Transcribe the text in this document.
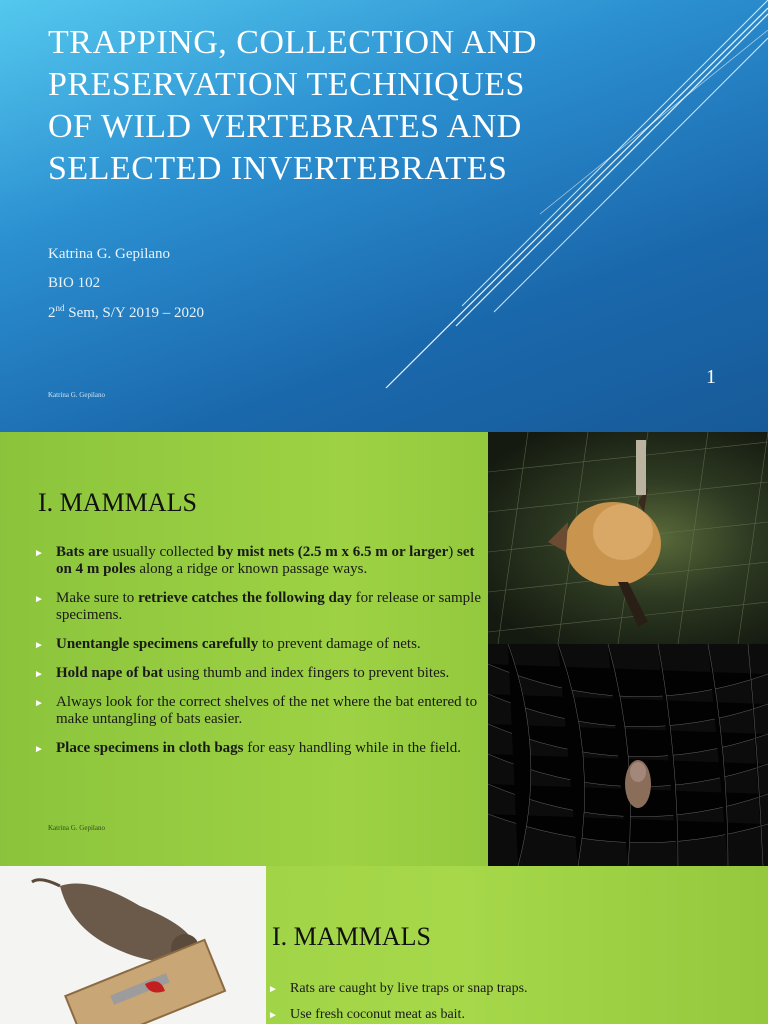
TRAPPING, COLLECTION AND PRESERVATION TECHNIQUES OF WILD VERTEBRATES AND SELECTED INVERTEBRATES

Katrina G. Gepilano

BIO 102

2nd Sem, S/Y 2019 – 2020

1
Katrina G. Gepilano
I. MAMMALS
► Bats are usually collected by mist nets (2.5 m x 6.5 m or larger) set on 4 m poles along a ridge or known passage ways.
► Make sure to retrieve catches the following day for release or sample specimens.
► Unentangle specimens carefully to prevent damage of nets.
► Hold nape of bat using thumb and index fingers to prevent bites.
► Always look for the correct shelves of the net where the bat entered to make untangling of bats easier.
► Place specimens in cloth bags for easy handling while in the field.
Katrina G. Gepilano
I. MAMMALS
► Rats are caught by live traps or snap traps.
► Use fresh coconut meat as bait.
